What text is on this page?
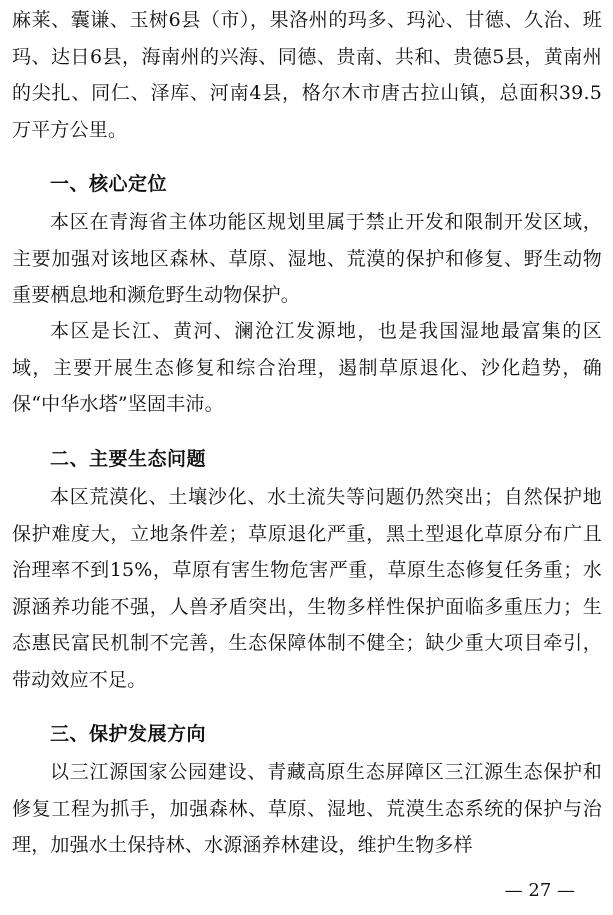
麻莱、囊谦、玉树6县（市），果洛州的玛多、玛沁、甘德、久治、班玛、达日6县，海南州的兴海、同德、贵南、共和、贵德5县，黄南州的尖扎、同仁、泽库、河南4县，格尔木市唐古拉山镇，总面积39.5万平方公里。

一、核心定位

本区在青海省主体功能区规划里属于禁止开发和限制开发区域，主要加强对该地区森林、草原、湿地、荒漠的保护和修复、野生动物重要栖息地和濒危野生动物保护。

本区是长江、黄河、澜沧江发源地，也是我国湿地最富集的区域，主要开展生态修复和综合治理，遏制草原退化、沙化趋势，确保“中华水塔”坚固丰沛。

二、主要生态问题

本区荒漠化、土壤沙化、水土流失等问题仍然突出；自然保护地保护难度大，立地条件差；草原退化严重，黑土型退化草原分布广且治理率不到15%，草原有害生物危害严重，草原生态修复任务重；水源涵养功能不强，人兽矛盾突出，生物多样性保护面临多重压力；生态惠民富民机制不完善，生态保障体制不健全；缺少重大项目牵引，带动效应不足。

三、保护发展方向

以三江源国家公园建设、青藏高原生态屏障区三江源生态保护和修复工程为抓手，加强森林、草原、湿地、荒漠生态系统的保护与治理，加强水土保持林、水源涵养林建设，维护生物多样

— 27 —
